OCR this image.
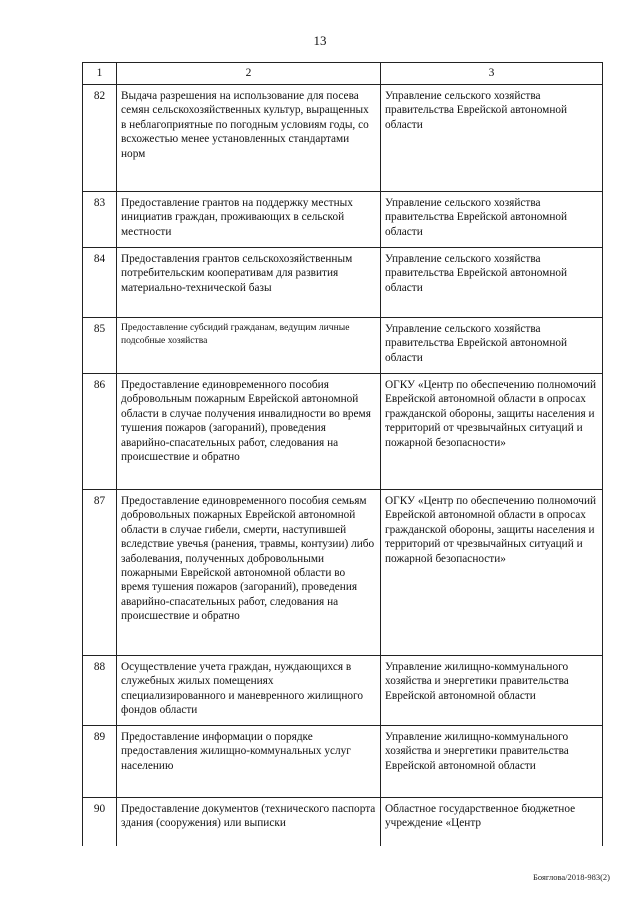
13
1	2	3
82	Выдача разрешения на использование для посева семян сельскохозяйственных культур, выращенных в неблагоприятные по погодным условиям годы, со всхожестью менее установленных стандартами норм	Управление сельского хозяйства правительства Еврейской автономной области
83	Предоставление грантов на поддержку местных инициатив граждан, проживающих в сельской местности	Управление сельского хозяйства правительства Еврейской автономной области
84	Предоставления грантов сельскохозяйственным потребительским кооперативам для развития материально-технической базы	Управление сельского хозяйства правительства Еврейской автономной области
85	Предоставление субсидий гражданам, ведущим личные подсобные хозяйства	Управление сельского хозяйства правительства Еврейской автономной области
86	Предоставление единовременного пособия добровольным пожарным Еврейской автономной области в случае получения инвалидности во время тушения пожаров (загораний), проведения аварийно-спасательных работ, следования на происшествие и обратно	ОГКУ «Центр по обеспечению полномочий Еврейской автономной области в опросах гражданской обороны, защиты населения и территорий от чрезвычайных ситуаций и пожарной безопасности»
87	Предоставление единовременного пособия семьям добровольных пожарных Еврейской автономной области в случае гибели, смерти, наступившей вследствие увечья (ранения, травмы, контузии) либо заболевания, полученных добровольными пожарными Еврейской автономной области во время тушения пожаров (загораний), проведения аварийно-спасательных работ, следования на происшествие и обратно	ОГКУ «Центр по обеспечению полномочий Еврейской автономной области в опросах гражданской обороны, защиты населения и территорий от чрезвычайных ситуаций и пожарной безопасности»
88	Осуществление учета граждан, нуждающихся в служебных жилых помещениях специализированного и маневренного жилищного фондов области	Управление жилищно-коммунального хозяйства и энергетики правительства Еврейской автономной области
89	Предоставление информации о порядке предоставления жилищно-коммунальных услуг населению	Управление жилищно-коммунального хозяйства и энергетики правительства Еврейской автономной области
90	Предоставление документов (технического паспорта здания (сооружения) или выписки	Областное государственное бюджетное учреждение «Центр
Бояглова/2018-983(2)
